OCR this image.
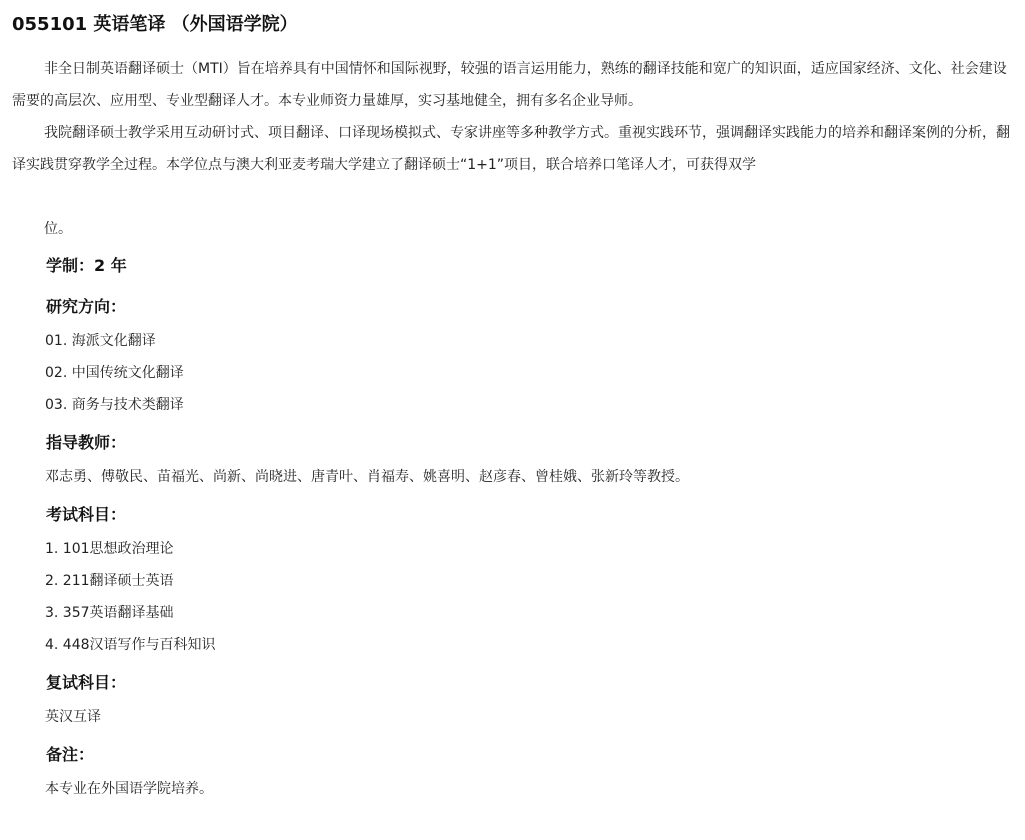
055101 英语笔译 （外国语学院）

非全日制英语翻译硕士（MTI）旨在培养具有中国情怀和国际视野，较强的语言运用能力，熟练的翻译技能和宽广的知识面，适应国家经济、文化、社会建设需要的高层次、应用型、专业型翻译人才。本专业师资力量雄厚，实习基地健全，拥有多名企业导师。

我院翻译硕士教学采用互动研讨式、项目翻译、口译现场模拟式、专家讲座等多种教学方式。重视实践环节，强调翻译实践能力的培养和翻译案例的分析，翻译实践贯穿教学全过程。本学位点与澳大利亚麦考瑞大学建立了翻译硕士“1+1”项目，联合培养口笔译人才，可获得双学

位。

学制：2 年
研究方向：

01. 海派文化翻译

02. 中国传统文化翻译

03. 商务与技术类翻译

指导教师：

邓志勇、傅敬民、苗福光、尚新、尚晓进、唐青叶、肖福寿、姚喜明、赵彦春、曾桂娥、张新玲等教授。

考试科目：

1. 101思想政治理论

2. 211翻译硕士英语

3. 357英语翻译基础

4. 448汉语写作与百科知识

复试科目：

英汉互译

备注：

本专业在外国语学院培养。
